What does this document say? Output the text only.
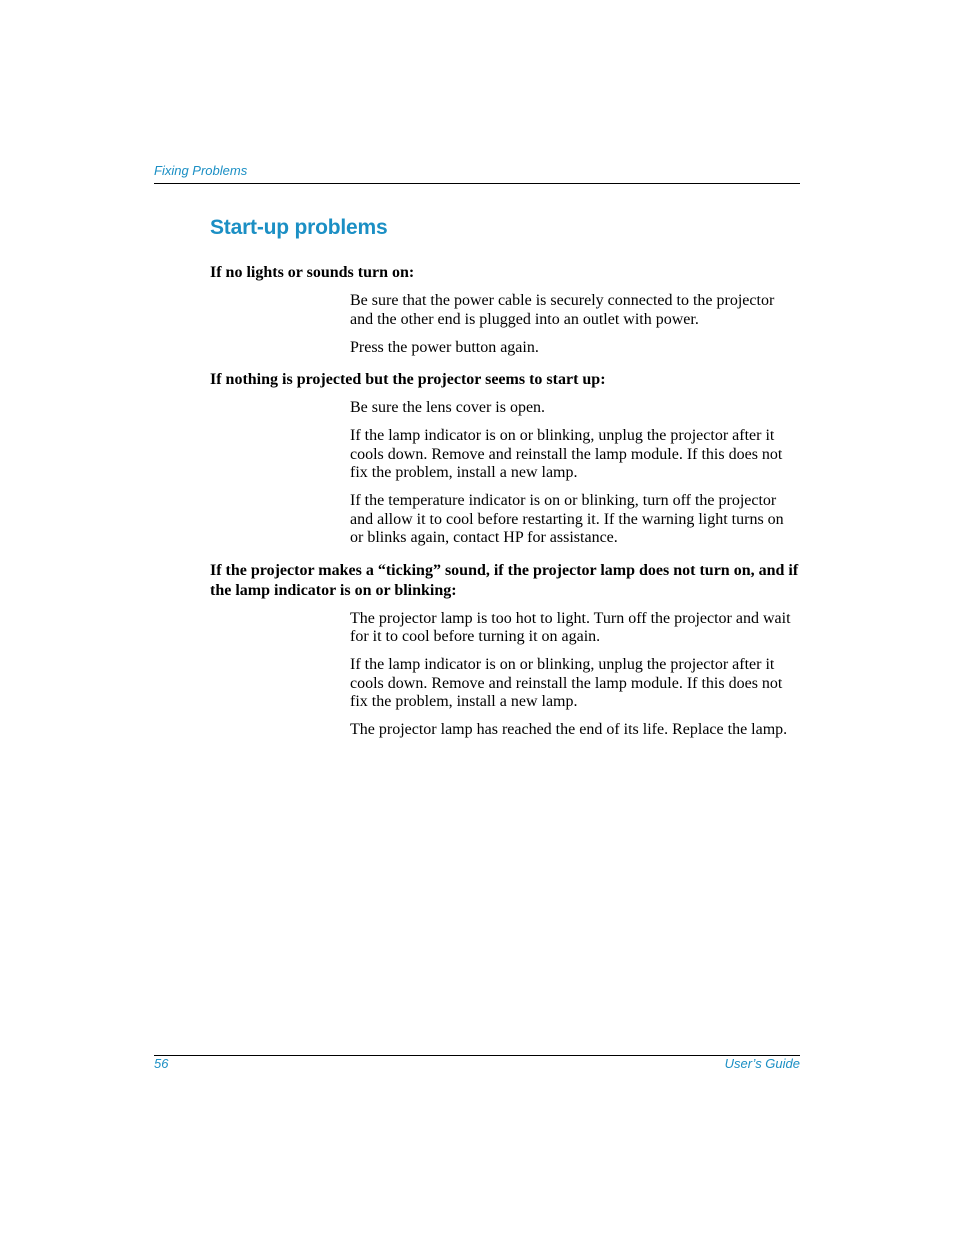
Fixing Problems
Start-up problems

If no lights or sounds turn on:

Be sure that the power cable is securely connected to the projector and the other end is plugged into an outlet with power.
Press the power button again.

If nothing is projected but the projector seems to start up:

Be sure the lens cover is open.
If the lamp indicator is on or blinking, unplug the projector after it cools down. Remove and reinstall the lamp module. If this does not fix the problem, install a new lamp.
If the temperature indicator is on or blinking, turn off the projector and allow it to cool before restarting it. If the warning light turns on or blinks again, contact HP for assistance.

If the projector makes a “ticking” sound, if the projector lamp does not turn on, and if the lamp indicator is on or blinking:

The projector lamp is too hot to light. Turn off the projector and wait for it to cool before turning it on again.
If the lamp indicator is on or blinking, unplug the projector after it cools down. Remove and reinstall the lamp module. If this does not fix the problem, install a new lamp.
The projector lamp has reached the end of its life. Replace the lamp.
56	User’s Guide
